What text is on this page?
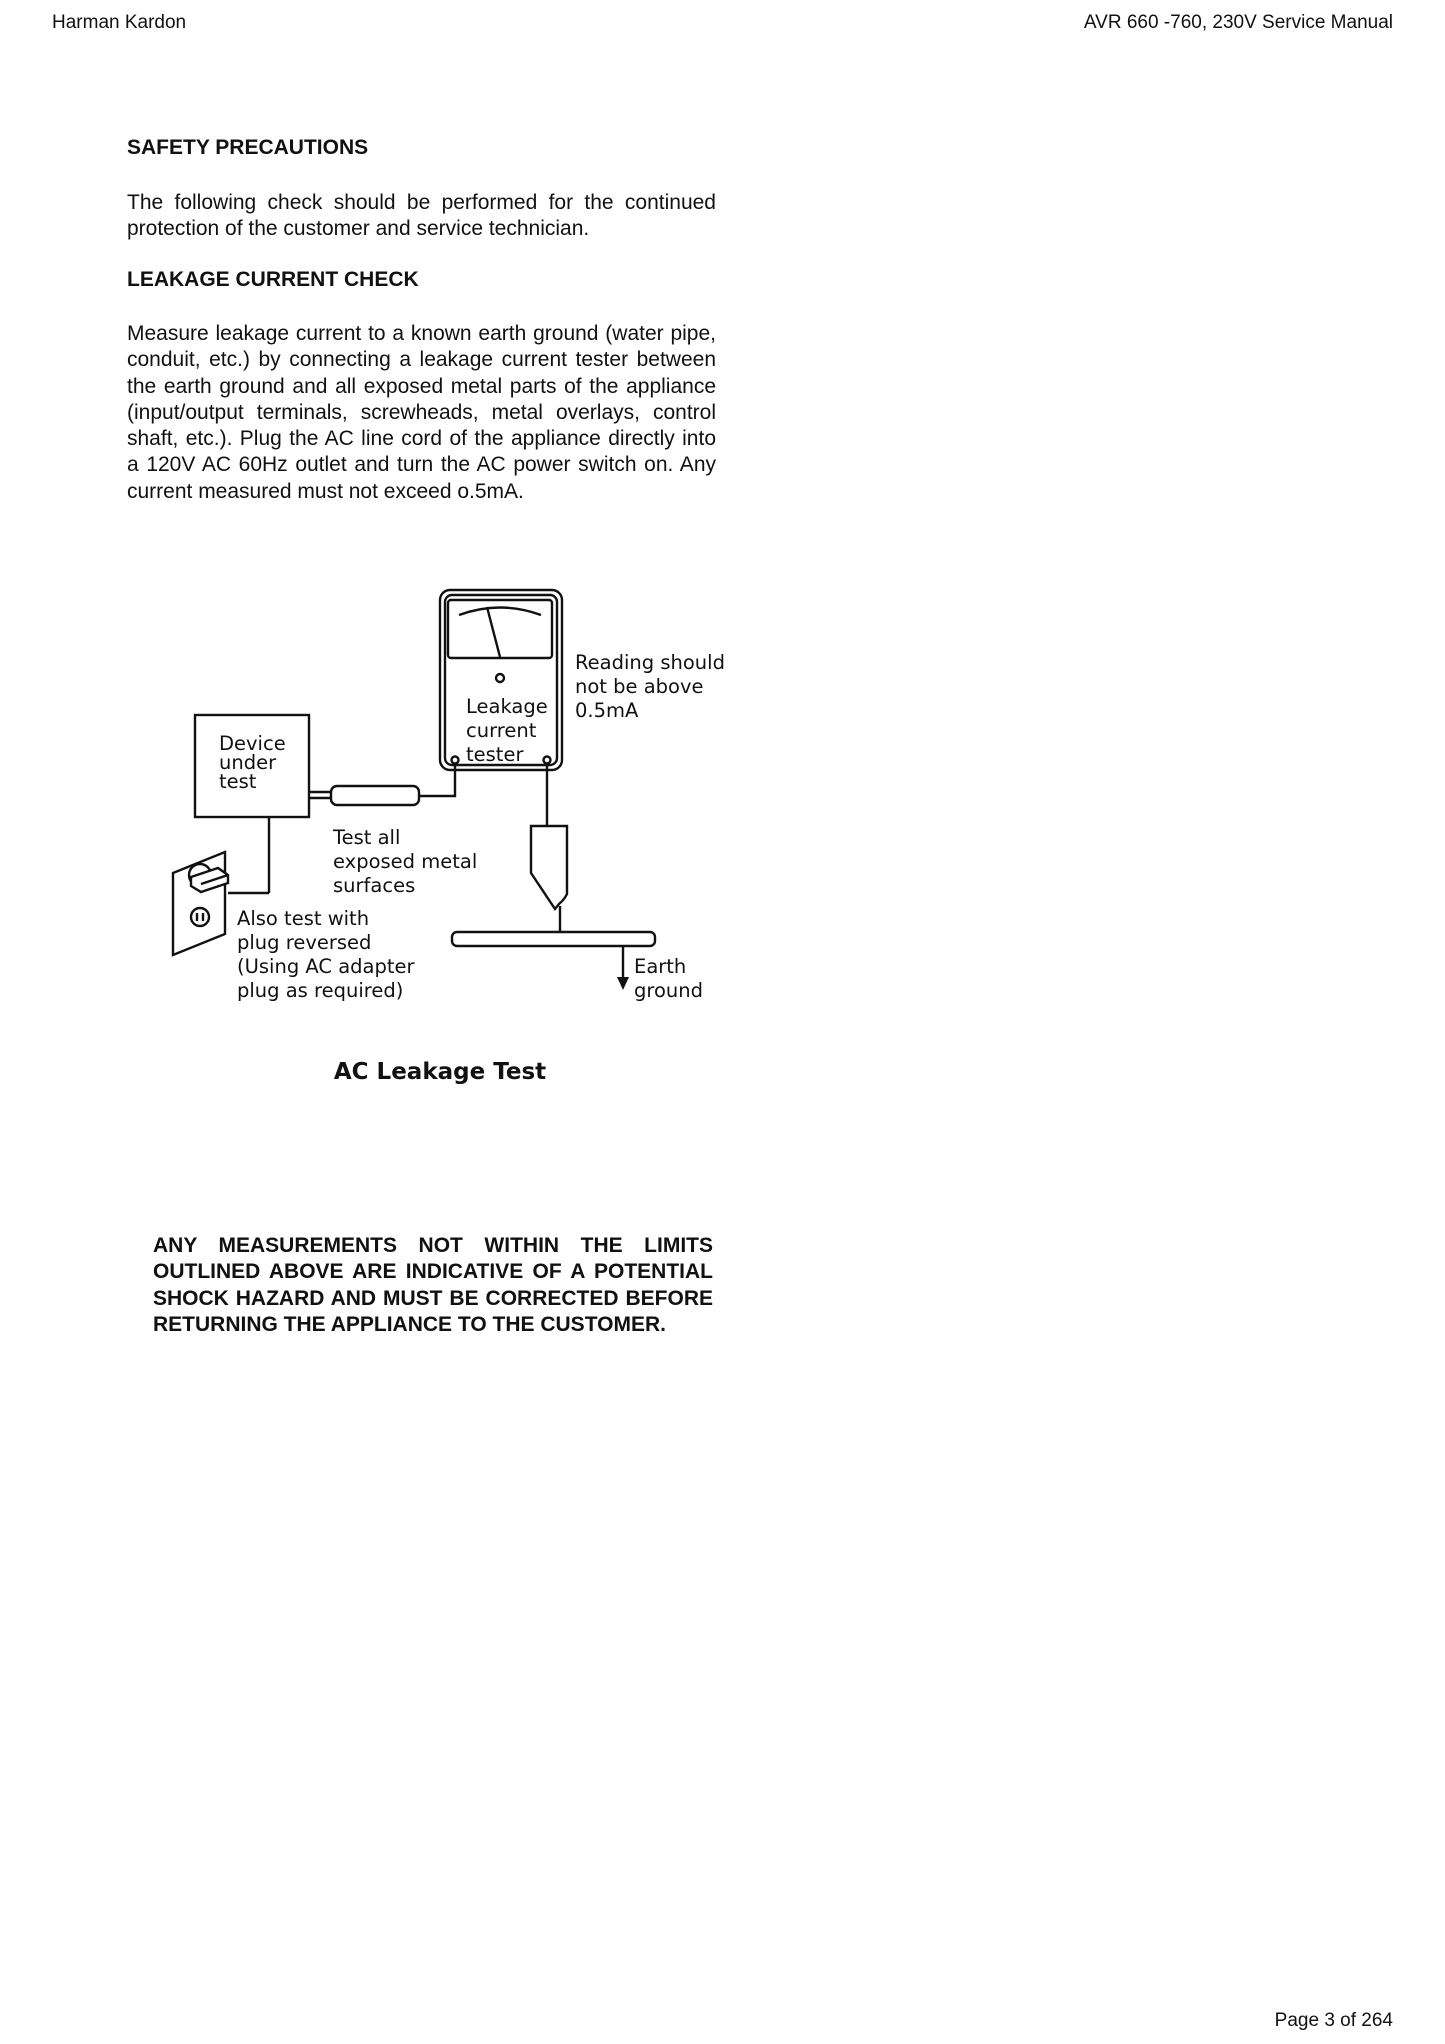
Harman Kardon	AVR 660 -760, 230V Service Manual
SAFETY PRECAUTIONS

The following check should be performed for the continued protection of the customer and service technician.

LEAKAGE CURRENT CHECK

Measure leakage current to a known earth ground (water pipe, conduit, etc.) by connecting a leakage current tester between the earth ground and all exposed metal parts of the appliance (input/output terminals, screwheads, metal overlays, control shaft, etc.). Plug the AC line cord of the appliance directly into a 120V AC 60Hz outlet and turn the AC power switch on. Any current measured must not exceed o.5mA.

Device under test
Leakage current tester
Reading should not be above 0.5mA
Test all exposed metal surfaces
Also test with plug reversed (Using AC adapter plug as required)
Earth ground
AC Leakage Test

ANY MEASUREMENTS NOT WITHIN THE LIMITS OUTLINED ABOVE ARE INDICATIVE OF A POTENTIAL SHOCK HAZARD AND MUST BE CORRECTED BEFORE RETURNING THE APPLIANCE TO THE CUSTOMER.

Page 3 of 264
